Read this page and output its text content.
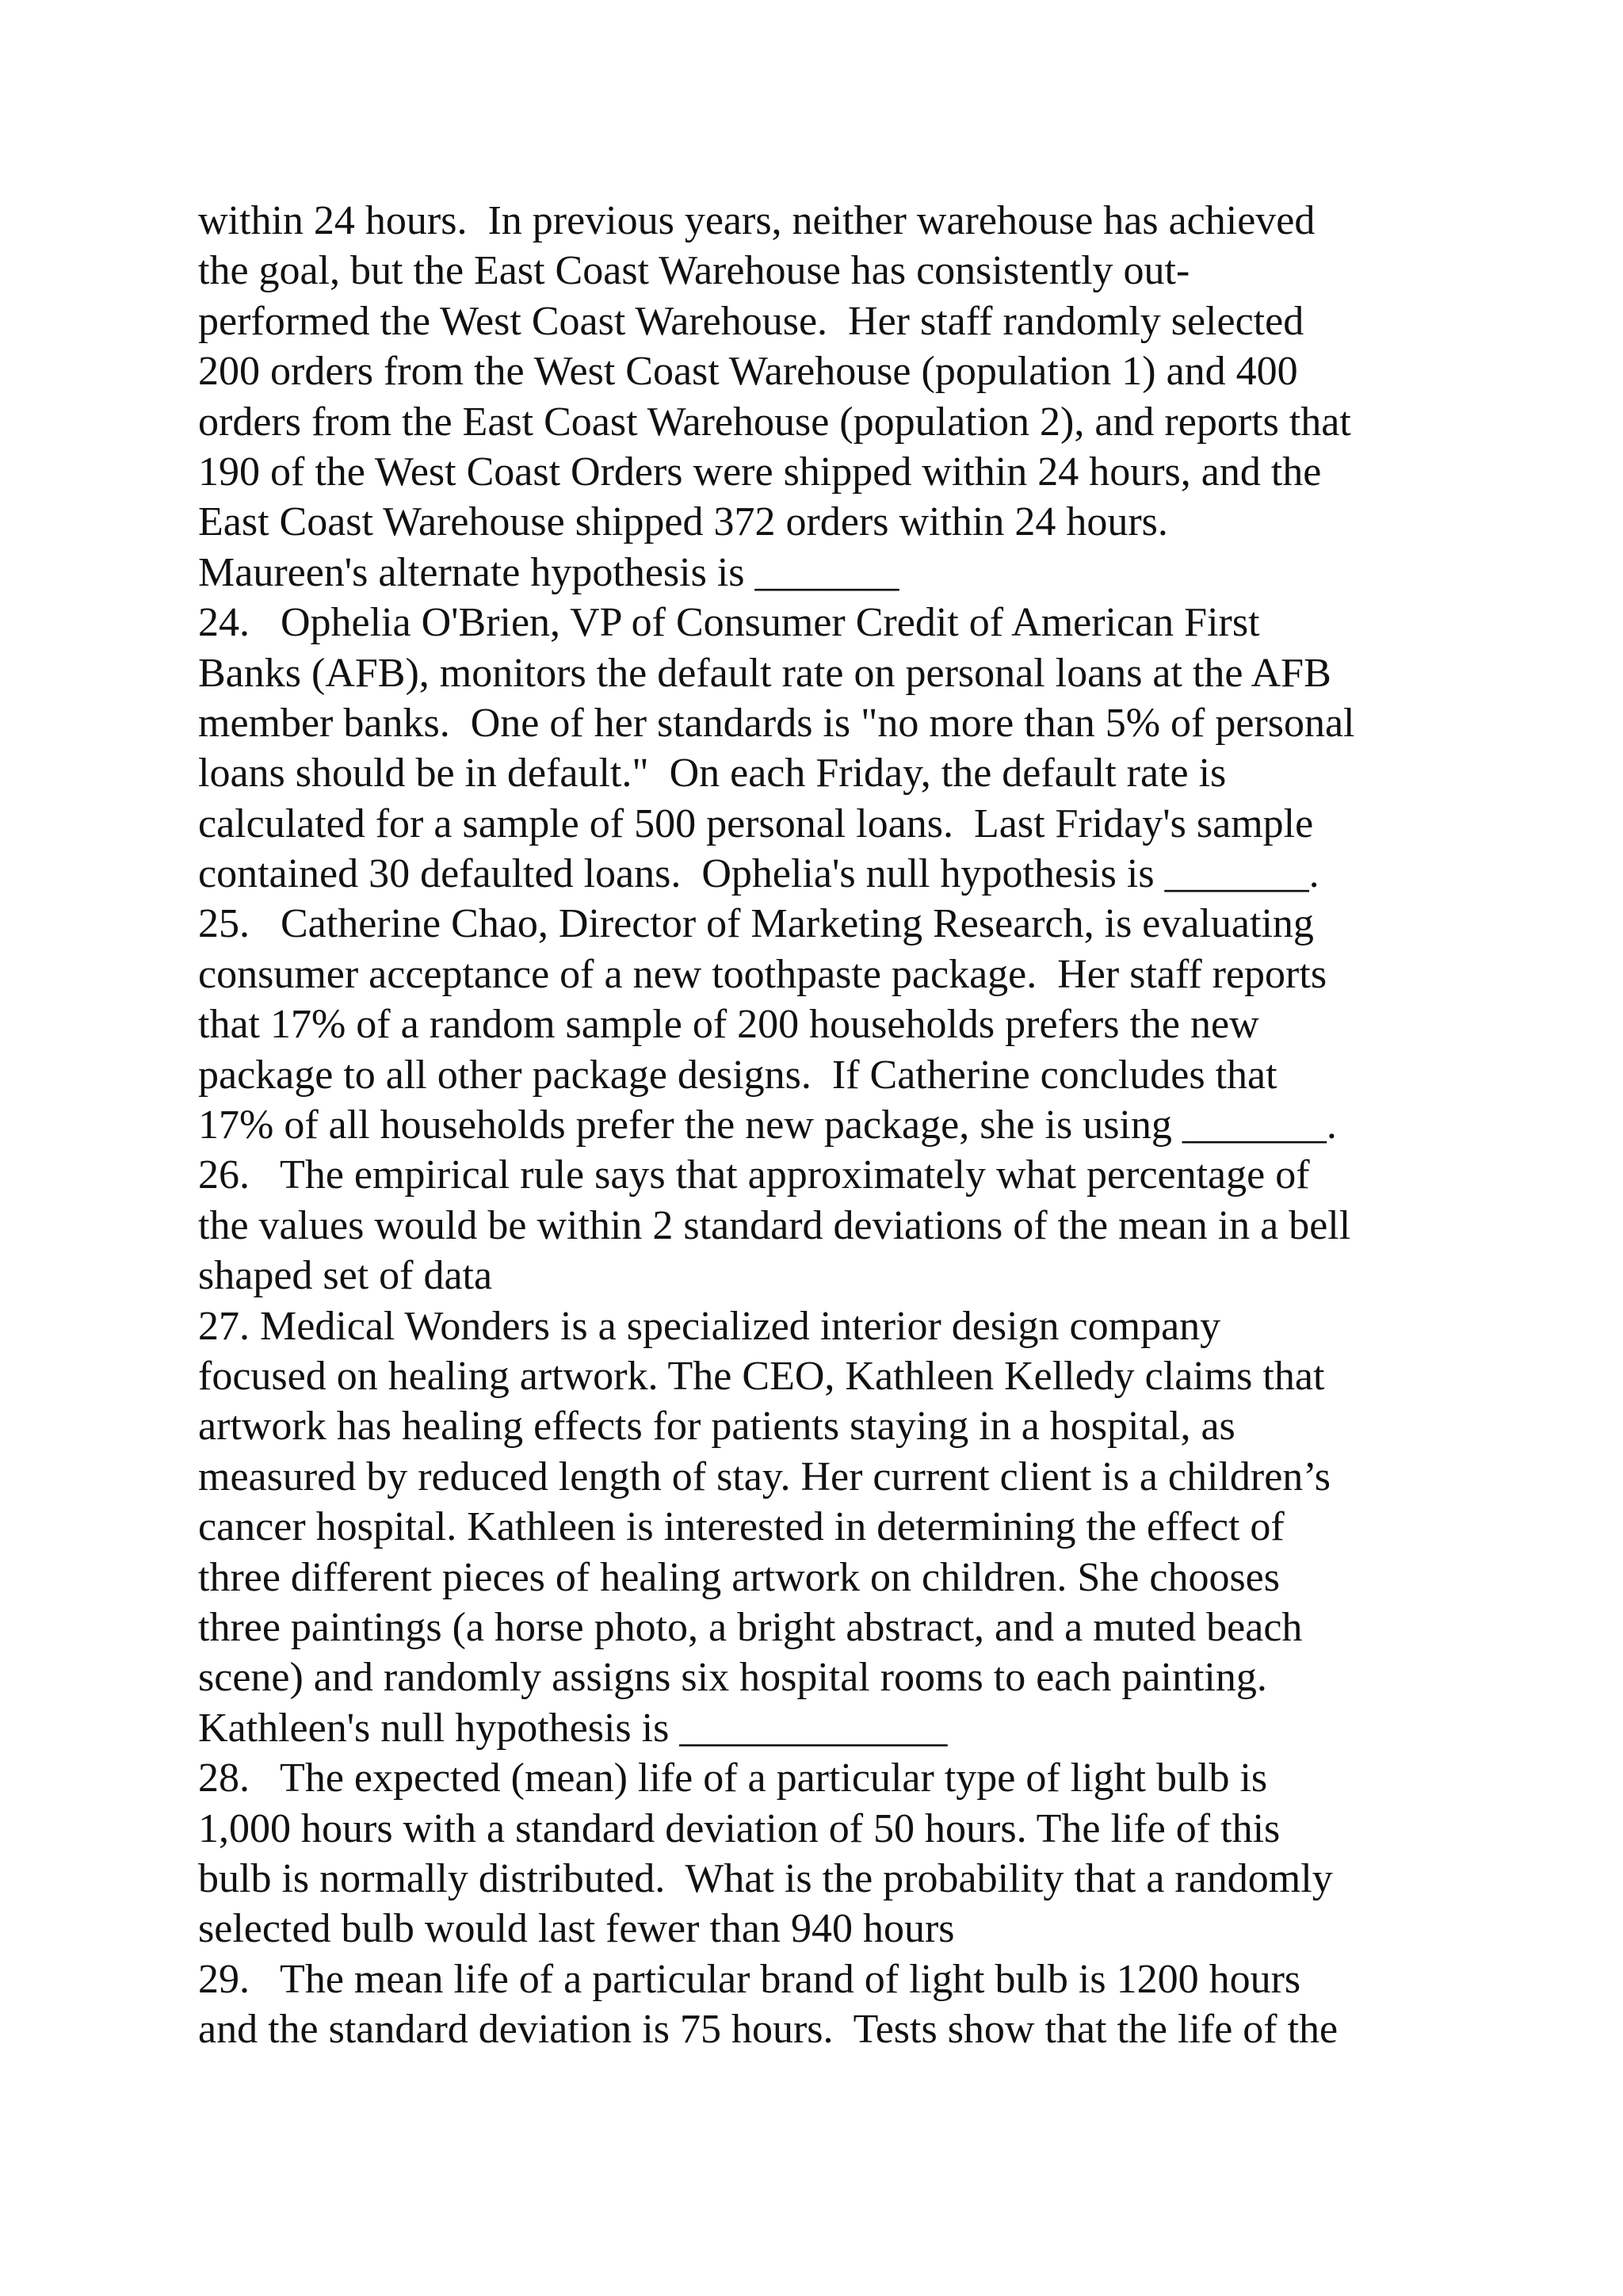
within 24 hours.  In previous years, neither warehouse has achieved
the goal, but the East Coast Warehouse has consistently out-
performed the West Coast Warehouse.  Her staff randomly selected
200 orders from the West Coast Warehouse (population 1) and 400
orders from the East Coast Warehouse (population 2), and reports that
190 of the West Coast Orders were shipped within 24 hours, and the
East Coast Warehouse shipped 372 orders within 24 hours.
Maureen's alternate hypothesis is _______
24.   Ophelia O'Brien, VP of Consumer Credit of American First
Banks (AFB), monitors the default rate on personal loans at the AFB
member banks.  One of her standards is "no more than 5% of personal
loans should be in default."  On each Friday, the default rate is
calculated for a sample of 500 personal loans.  Last Friday's sample
contained 30 defaulted loans.  Ophelia's null hypothesis is _______.
25.   Catherine Chao, Director of Marketing Research, is evaluating
consumer acceptance of a new toothpaste package.  Her staff reports
that 17% of a random sample of 200 households prefers the new
package to all other package designs.  If Catherine concludes that
17% of all households prefer the new package, she is using _______.
26.   The empirical rule says that approximately what percentage of
the values would be within 2 standard deviations of the mean in a bell
shaped set of data
27. Medical Wonders is a specialized interior design company
focused on healing artwork. The CEO, Kathleen Kelledy claims that
artwork has healing effects for patients staying in a hospital, as
measured by reduced length of stay. Her current client is a children’s
cancer hospital. Kathleen is interested in determining the effect of
three different pieces of healing artwork on children. She chooses
three paintings (a horse photo, a bright abstract, and a muted beach
scene) and randomly assigns six hospital rooms to each painting.
Kathleen's null hypothesis is _____________
28.   The expected (mean) life of a particular type of light bulb is
1,000 hours with a standard deviation of 50 hours. The life of this
bulb is normally distributed.  What is the probability that a randomly
selected bulb would last fewer than 940 hours
29.   The mean life of a particular brand of light bulb is 1200 hours
and the standard deviation is 75 hours.  Tests show that the life of the
